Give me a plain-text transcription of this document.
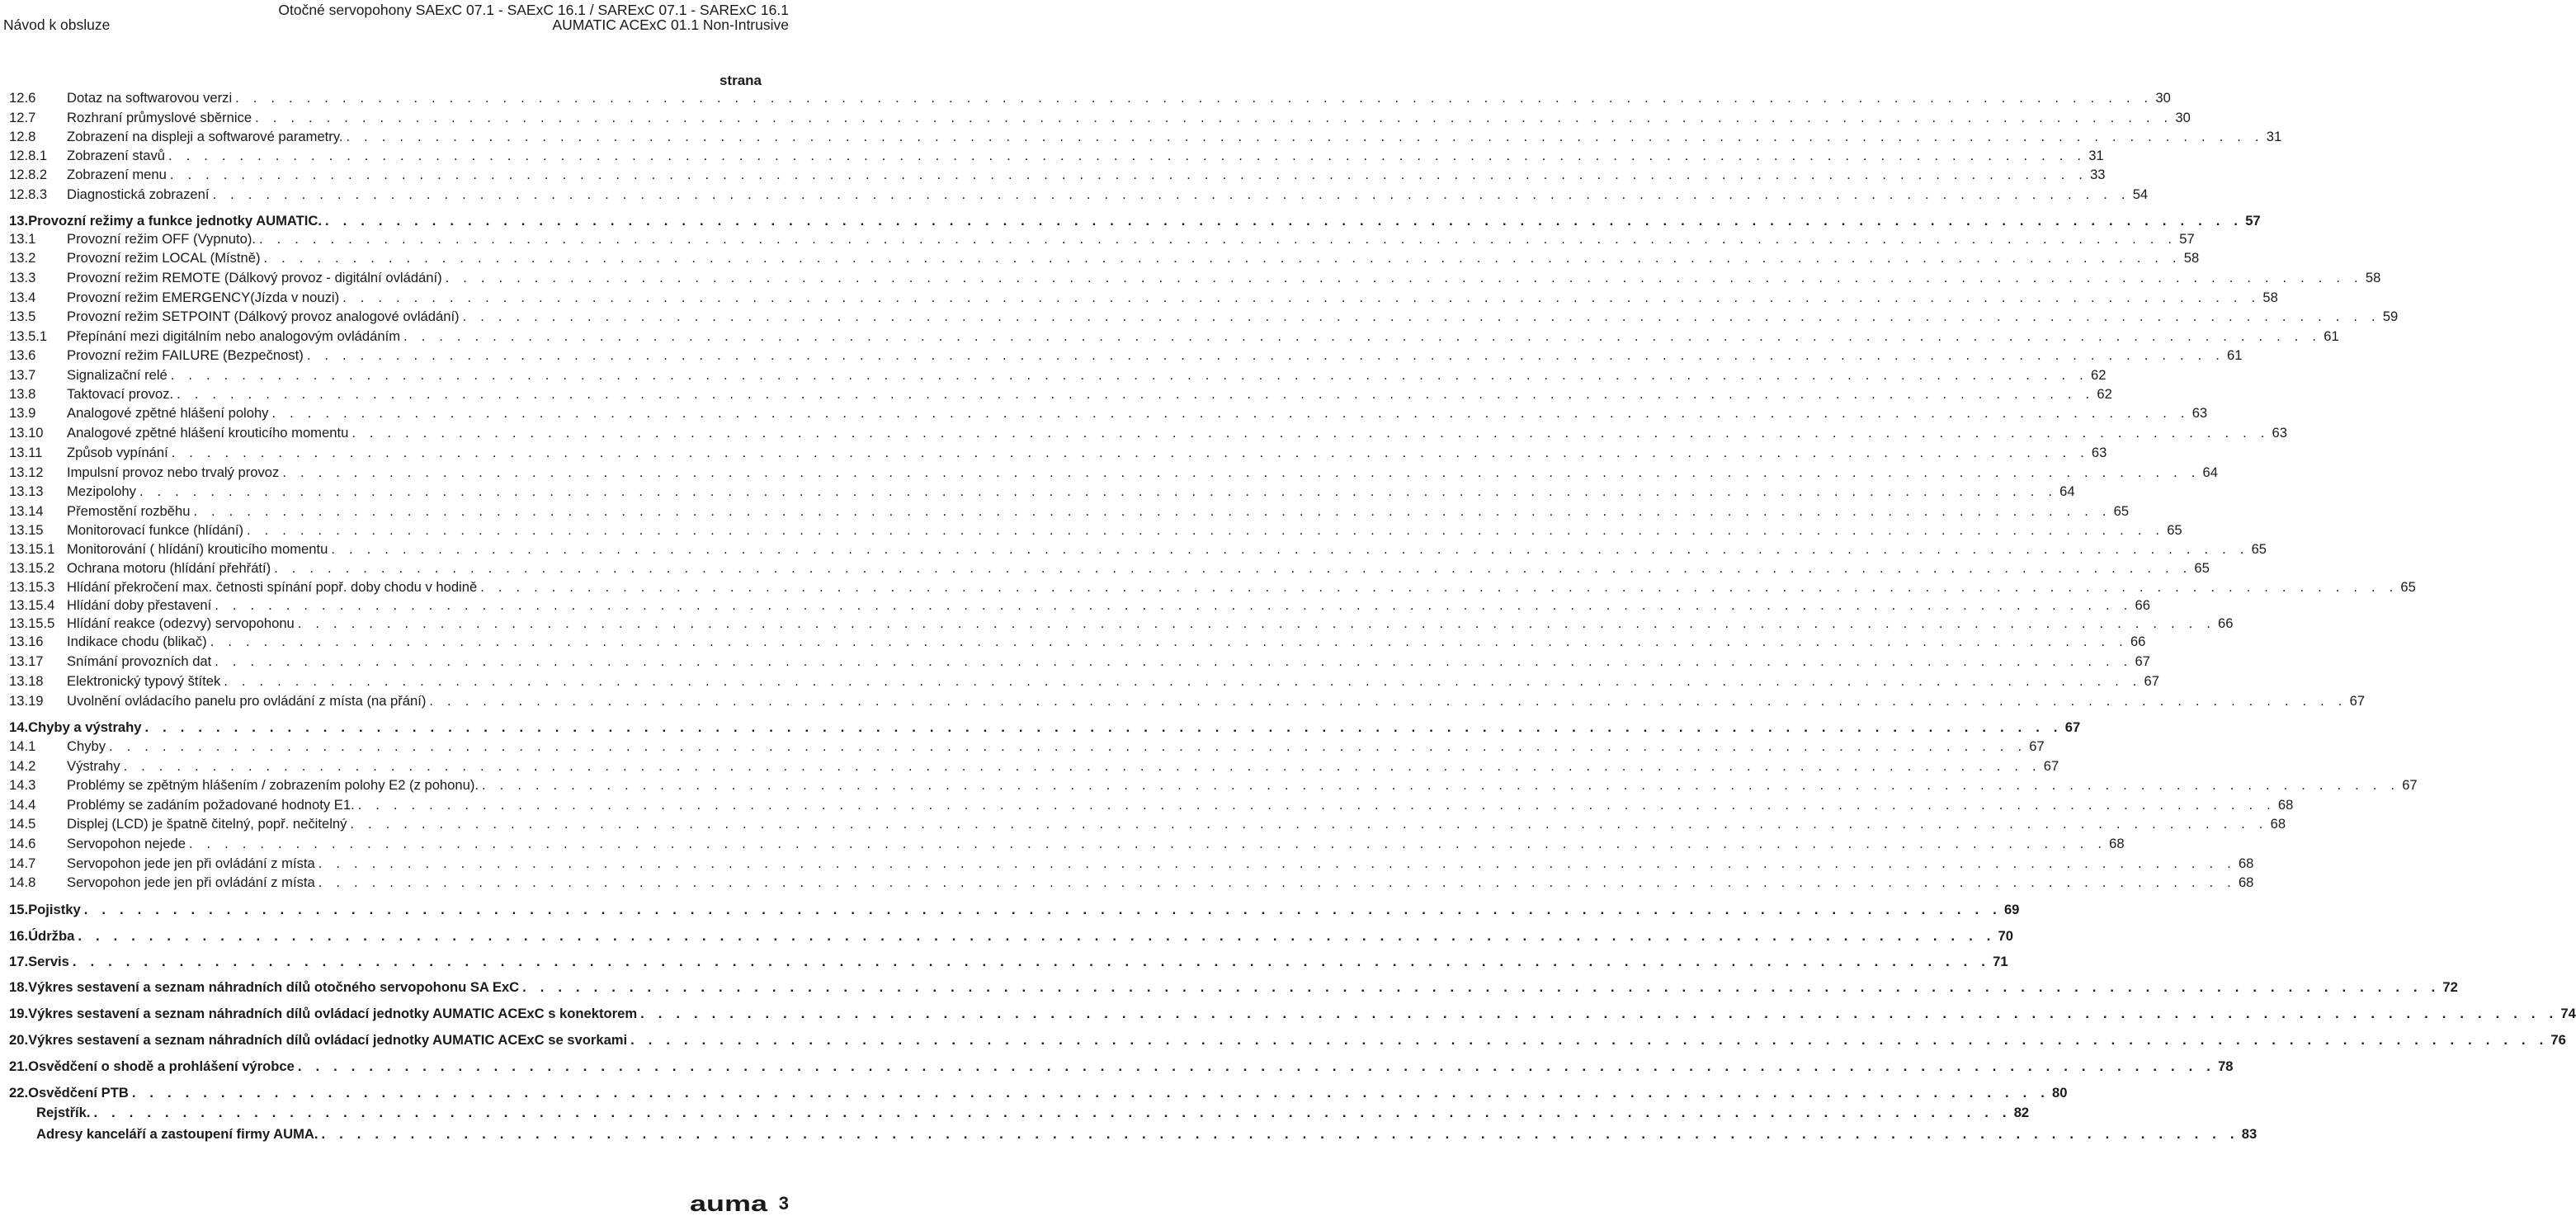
Otočné servopohony SAExC 07.1 - SAExC 16.1 / SARExC 07.1 - SARExC 16.1
Návod k obsluze	AUMATIC ACExC 01.1 Non-Intrusive
strana
12.6 Dotaz na softwarovou verzi . . . . . . . . . . . . . . . . . . . . . . . . . . . . . . . . . . . . . . . . . . . . . . . . . . . . . . . . . . . . . . . . . . . . . . . . . . . . . . . . . . . . . . . . . . . . . . . . . . . . . . . . . . . . 30
12.7 Rozhraní průmyslové sběrnice . . . . . . . . . . . . . . . . . . . . . . . . . . . . . . . . . . . . . . . . . . . . . . . . . . . . . . . . . . . . . . . . . . . . . . . . . . . . . . . . . . . . . . . . . . . . . . . . . . . . . . . . . . . . 30
12.8 Zobrazení na displeji a softwarové parametry. . . . . . . . . . . . . . . . . . . . . . . . . . . . . . . . . . . . . . . . . . . . . . . . . . . . . . . . . . . . . . . . . . . . . . . . . . . . . . . . . . . . . . . . . . . . . . . . . . . . . . . . . . . . . 31
12.8.1 Zobrazení stavů . . . . . . . . . . . . . . . . . . . . . . . . . . . . . . . . . . . . . . . . . . . . . . . . . . . . . . . . . . . . . . . . . . . . . . . . . . . . . . . . . . . . . . . . . . . . . . . . . . . . . . . . . . . . 31
12.8.2 Zobrazení menu . . . . . . . . . . . . . . . . . . . . . . . . . . . . . . . . . . . . . . . . . . . . . . . . . . . . . . . . . . . . . . . . . . . . . . . . . . . . . . . . . . . . . . . . . . . . . . . . . . . . . . . . . . . . 33
12.8.3 Diagnostická zobrazení . . . . . . . . . . . . . . . . . . . . . . . . . . . . . . . . . . . . . . . . . . . . . . . . . . . . . . . . . . . . . . . . . . . . . . . . . . . . . . . . . . . . . . . . . . . . . . . . . . . . . . . . . . . . 54
13. Provozní režimy a funkce jednotky AUMATIC. . . . . . . . . . . . . . . . . . . . . . . . . . . . . . . . . . . . . . . . . . . . . . . . . . . . . . . . . . . . . . . . . . . . . . . . . . . . . . . . . . . . . . . . . . . . . . . . . . . . . . . . . . . . . 57
13.1 Provozní režim OFF (Vypnuto). . . . . . . . . . . . . . . . . . . . . . . . . . . . . . . . . . . . . . . . . . . . . . . . . . . . . . . . . . . . . . . . . . . . . . . . . . . . . . . . . . . . . . . . . . . . . . . . . . . . . . . . . . . . . 57
13.2 Provozní režim LOCAL (Místně) . . . . . . . . . . . . . . . . . . . . . . . . . . . . . . . . . . . . . . . . . . . . . . . . . . . . . . . . . . . . . . . . . . . . . . . . . . . . . . . . . . . . . . . . . . . . . . . . . . . . . . . . . . . . 58
13.3 Provozní režim REMOTE (Dálkový provoz - digitální ovládání) . . . . . . . . . . . . . . . . . . . . . . . . . . . . . . . . . . . . . . . . . . . . . . . . . . . . . . . . . . . . . . . . . . . . . . . . . . . . . . . . . . . . . . . . . . . . . . . . . . . . . . . . . . . . 58
13.4 Provozní režim EMERGENCY(Jízda v nouzi) . . . . . . . . . . . . . . . . . . . . . . . . . . . . . . . . . . . . . . . . . . . . . . . . . . . . . . . . . . . . . . . . . . . . . . . . . . . . . . . . . . . . . . . . . . . . . . . . . . . . . . . . . . . . 58
13.5 Provozní režim SETPOINT (Dálkový provoz analogové ovládání) . . . . . . . . . . . . . . . . . . . . . . . . . . . . . . . . . . . . . . . . . . . . . . . . . . . . . . . . . . . . . . . . . . . . . . . . . . . . . . . . . . . . . . . . . . . . . . . . . . . . . . . . . . . . 59
13.5.1 Přepínání mezi digitálním nebo analogovým ovládáním . . . . . . . . . . . . . . . . . . . . . . . . . . . . . . . . . . . . . . . . . . . . . . . . . . . . . . . . . . . . . . . . . . . . . . . . . . . . . . . . . . . . . . . . . . . . . . . . . . . . . . . . . . . . 61
13.6 Provozní režim FAILURE (Bezpečnost) . . . . . . . . . . . . . . . . . . . . . . . . . . . . . . . . . . . . . . . . . . . . . . . . . . . . . . . . . . . . . . . . . . . . . . . . . . . . . . . . . . . . . . . . . . . . . . . . . . . . . . . . . . . . 61
13.7 Signalizační relé . . . . . . . . . . . . . . . . . . . . . . . . . . . . . . . . . . . . . . . . . . . . . . . . . . . . . . . . . . . . . . . . . . . . . . . . . . . . . . . . . . . . . . . . . . . . . . . . . . . . . . . . . . . . 62
13.8 Taktovací provoz. . . . . . . . . . . . . . . . . . . . . . . . . . . . . . . . . . . . . . . . . . . . . . . . . . . . . . . . . . . . . . . . . . . . . . . . . . . . . . . . . . . . . . . . . . . . . . . . . . . . . . . . . . . . . 62
13.9 Analogové zpětné hlášení polohy . . . . . . . . . . . . . . . . . . . . . . . . . . . . . . . . . . . . . . . . . . . . . . . . . . . . . . . . . . . . . . . . . . . . . . . . . . . . . . . . . . . . . . . . . . . . . . . . . . . . . . . . . . . . 63
13.10 Analogové zpětné hlášení krouticího momentu . . . . . . . . . . . . . . . . . . . . . . . . . . . . . . . . . . . . . . . . . . . . . . . . . . . . . . . . . . . . . . . . . . . . . . . . . . . . . . . . . . . . . . . . . . . . . . . . . . . . . . . . . . . . 63
13.11 Způsob vypínání . . . . . . . . . . . . . . . . . . . . . . . . . . . . . . . . . . . . . . . . . . . . . . . . . . . . . . . . . . . . . . . . . . . . . . . . . . . . . . . . . . . . . . . . . . . . . . . . . . . . . . . . . . . . 63
13.12 Impulsní provoz nebo trvalý provoz . . . . . . . . . . . . . . . . . . . . . . . . . . . . . . . . . . . . . . . . . . . . . . . . . . . . . . . . . . . . . . . . . . . . . . . . . . . . . . . . . . . . . . . . . . . . . . . . . . . . . . . . . . . . 64
13.13 Mezipolohy . . . . . . . . . . . . . . . . . . . . . . . . . . . . . . . . . . . . . . . . . . . . . . . . . . . . . . . . . . . . . . . . . . . . . . . . . . . . . . . . . . . . . . . . . . . . . . . . . . . . . . . . . . . . 64
13.14 Přemostění rozběhu . . . . . . . . . . . . . . . . . . . . . . . . . . . . . . . . . . . . . . . . . . . . . . . . . . . . . . . . . . . . . . . . . . . . . . . . . . . . . . . . . . . . . . . . . . . . . . . . . . . . . . . . . . . . 65
13.15 Monitorovací funkce (hlídání) . . . . . . . . . . . . . . . . . . . . . . . . . . . . . . . . . . . . . . . . . . . . . . . . . . . . . . . . . . . . . . . . . . . . . . . . . . . . . . . . . . . . . . . . . . . . . . . . . . . . . . . . . . . . 65
13.15.1 Monitorování ( hlídání) krouticího momentu . . . . . . . . . . . . . . . . . . . . . . . . . . . . . . . . . . . . . . . . . . . . . . . . . . . . . . . . . . . . . . . . . . . . . . . . . . . . . . . . . . . . . . . . . . . . . . . . . . . . . . . . . . . . 65
13.15.2 Ochrana motoru (hlídání přehřátí) . . . . . . . . . . . . . . . . . . . . . . . . . . . . . . . . . . . . . . . . . . . . . . . . . . . . . . . . . . . . . . . . . . . . . . . . . . . . . . . . . . . . . . . . . . . . . . . . . . . . . . . . . . . . 65
13.15.3 Hlídání překročení max. četnosti spínání popř. doby chodu v hodině . . . . . . . . . . . . . . . . . . . . . . . . . . . . . . . . . . . . . . . . . . . . . . . . . . . . . . . . . . . . . . . . . . . . . . . . . . . . . . . . . . . . . . . . . . . . . . . . . . . . . . . . . . . . 65
13.15.4 Hlídání doby přestavení . . . . . . . . . . . . . . . . . . . . . . . . . . . . . . . . . . . . . . . . . . . . . . . . . . . . . . . . . . . . . . . . . . . . . . . . . . . . . . . . . . . . . . . . . . . . . . . . . . . . . . . . . . . . 66
13.15.5 Hlídání reakce (odezvy) servopohonu . . . . . . . . . . . . . . . . . . . . . . . . . . . . . . . . . . . . . . . . . . . . . . . . . . . . . . . . . . . . . . . . . . . . . . . . . . . . . . . . . . . . . . . . . . . . . . . . . . . . . . . . . . . . 66
13.16 Indikace chodu (blikač) . . . . . . . . . . . . . . . . . . . . . . . . . . . . . . . . . . . . . . . . . . . . . . . . . . . . . . . . . . . . . . . . . . . . . . . . . . . . . . . . . . . . . . . . . . . . . . . . . . . . . . . . . . . . 66
13.17 Snímání provozních dat . . . . . . . . . . . . . . . . . . . . . . . . . . . . . . . . . . . . . . . . . . . . . . . . . . . . . . . . . . . . . . . . . . . . . . . . . . . . . . . . . . . . . . . . . . . . . . . . . . . . . . . . . . . . 67
13.18 Elektronický typový štítek . . . . . . . . . . . . . . . . . . . . . . . . . . . . . . . . . . . . . . . . . . . . . . . . . . . . . . . . . . . . . . . . . . . . . . . . . . . . . . . . . . . . . . . . . . . . . . . . . . . . . . . . . . . . 67
13.19 Uvolnění ovládacího panelu pro ovládání z místa (na přání) . . . . . . . . . . . . . . . . . . . . . . . . . . . . . . . . . . . . . . . . . . . . . . . . . . . . . . . . . . . . . . . . . . . . . . . . . . . . . . . . . . . . . . . . . . . . . . . . . . . . . . . . . . . . 67
14. Chyby a výstrahy . . . . . . . . . . . . . . . . . . . . . . . . . . . . . . . . . . . . . . . . . . . . . . . . . . . . . . . . . . . . . . . . . . . . . . . . . . . . . . . . . . . . . . . . . . . . . . . . . . . . . . . . . . . . 67
14.1 Chyby . . . . . . . . . . . . . . . . . . . . . . . . . . . . . . . . . . . . . . . . . . . . . . . . . . . . . . . . . . . . . . . . . . . . . . . . . . . . . . . . . . . . . . . . . . . . . . . . . . . . . . . . . . . . 67
14.2 Výstrahy . . . . . . . . . . . . . . . . . . . . . . . . . . . . . . . . . . . . . . . . . . . . . . . . . . . . . . . . . . . . . . . . . . . . . . . . . . . . . . . . . . . . . . . . . . . . . . . . . . . . . . . . . . . . 67
14.3 Problémy se zpětným hlášením / zobrazením polohy E2 (z pohonu). . . . . . . . . . . . . . . . . . . . . . . . . . . . . . . . . . . . . . . . . . . . . . . . . . . . . . . . . . . . . . . . . . . . . . . . . . . . . . . . . . . . . . . . . . . . . . . . . . . . . . . . . . . . . 67
14.4 Problémy se zadáním požadované hodnoty E1. . . . . . . . . . . . . . . . . . . . . . . . . . . . . . . . . . . . . . . . . . . . . . . . . . . . . . . . . . . . . . . . . . . . . . . . . . . . . . . . . . . . . . . . . . . . . . . . . . . . . . . . . . . . . 68
14.5 Displej (LCD) je špatně čitelný, popř. nečitelný . . . . . . . . . . . . . . . . . . . . . . . . . . . . . . . . . . . . . . . . . . . . . . . . . . . . . . . . . . . . . . . . . . . . . . . . . . . . . . . . . . . . . . . . . . . . . . . . . . . . . . . . . . . . 68
14.6 Servopohon nejede . . . . . . . . . . . . . . . . . . . . . . . . . . . . . . . . . . . . . . . . . . . . . . . . . . . . . . . . . . . . . . . . . . . . . . . . . . . . . . . . . . . . . . . . . . . . . . . . . . . . . . . . . . . . 68
14.7 Servopohon jede jen při ovládání z místa . . . . . . . . . . . . . . . . . . . . . . . . . . . . . . . . . . . . . . . . . . . . . . . . . . . . . . . . . . . . . . . . . . . . . . . . . . . . . . . . . . . . . . . . . . . . . . . . . . . . . . . . . . . . 68
14.8 Servopohon jede jen při ovládání z místa . . . . . . . . . . . . . . . . . . . . . . . . . . . . . . . . . . . . . . . . . . . . . . . . . . . . . . . . . . . . . . . . . . . . . . . . . . . . . . . . . . . . . . . . . . . . . . . . . . . . . . . . . . . . 68
15. Pojistky . . . . . . . . . . . . . . . . . . . . . . . . . . . . . . . . . . . . . . . . . . . . . . . . . . . . . . . . . . . . . . . . . . . . . . . . . . . . . . . . . . . . . . . . . . . . . . . . . . . . . . . . . . . . 69
16. Údržba . . . . . . . . . . . . . . . . . . . . . . . . . . . . . . . . . . . . . . . . . . . . . . . . . . . . . . . . . . . . . . . . . . . . . . . . . . . . . . . . . . . . . . . . . . . . . . . . . . . . . . . . . . . . 70
17. Servis . . . . . . . . . . . . . . . . . . . . . . . . . . . . . . . . . . . . . . . . . . . . . . . . . . . . . . . . . . . . . . . . . . . . . . . . . . . . . . . . . . . . . . . . . . . . . . . . . . . . . . . . . . . . 71
18. Výkres sestavení a seznam náhradních dílů otočného servopohonu SA ExC . . . . . . . . . . . . . . . . . . . . . . . . . . . . . . . . . . . . . . . . . . . . . . . . . . . . . . . . . . . . . . . . . . . . . . . . . . . . . . . . . . . . . . . . . . . . . . . . . . . . . . . . . . . . 72
19. Výkres sestavení a seznam náhradních dílů ovládací jednotky AUMATIC ACExC s konektorem . . . . . . . . . . . . . . . . . . . . . . . . . . . . . . . . . . . . . . . . . . . . . . . . . . . . . . . . . . . . . . . . . . . . . . . . . . . . . . . . . . . . . . . . . . . . . . . . . . . . . . . . . . . . 74
20. Výkres sestavení a seznam náhradních dílů ovládací jednotky AUMATIC ACExC se svorkami . . . . . . . . . . . . . . . . . . . . . . . . . . . . . . . . . . . . . . . . . . . . . . . . . . . . . . . . . . . . . . . . . . . . . . . . . . . . . . . . . . . . . . . . . . . . . . . . . . . . . . . . . . . . 76
21. Osvědčení o shodě a prohlášení výrobce . . . . . . . . . . . . . . . . . . . . . . . . . . . . . . . . . . . . . . . . . . . . . . . . . . . . . . . . . . . . . . . . . . . . . . . . . . . . . . . . . . . . . . . . . . . . . . . . . . . . . . . . . . . . 78
22. Osvědčení PTB . . . . . . . . . . . . . . . . . . . . . . . . . . . . . . . . . . . . . . . . . . . . . . . . . . . . . . . . . . . . . . . . . . . . . . . . . . . . . . . . . . . . . . . . . . . . . . . . . . . . . . . . . . . . 80
Rejstřík. . . . . . . . . . . . . . . . . . . . . . . . . . . . . . . . . . . . . . . . . . . . . . . . . . . . . . . . . . . . . . . . . . . . . . . . . . . . . . . . . . . . . . . . . . . . . . . . . . . . . . . . . . . . . 82
Adresy kanceláří a zastoupení firmy AUMA. . . . . . . . . . . . . . . . . . . . . . . . . . . . . . . . . . . . . . . . . . . . . . . . . . . . . . . . . . . . . . . . . . . . . . . . . . . . . . . . . . . . . . . . . . . . . . . . . . . . . . . . . . . . . 83
auma 3
